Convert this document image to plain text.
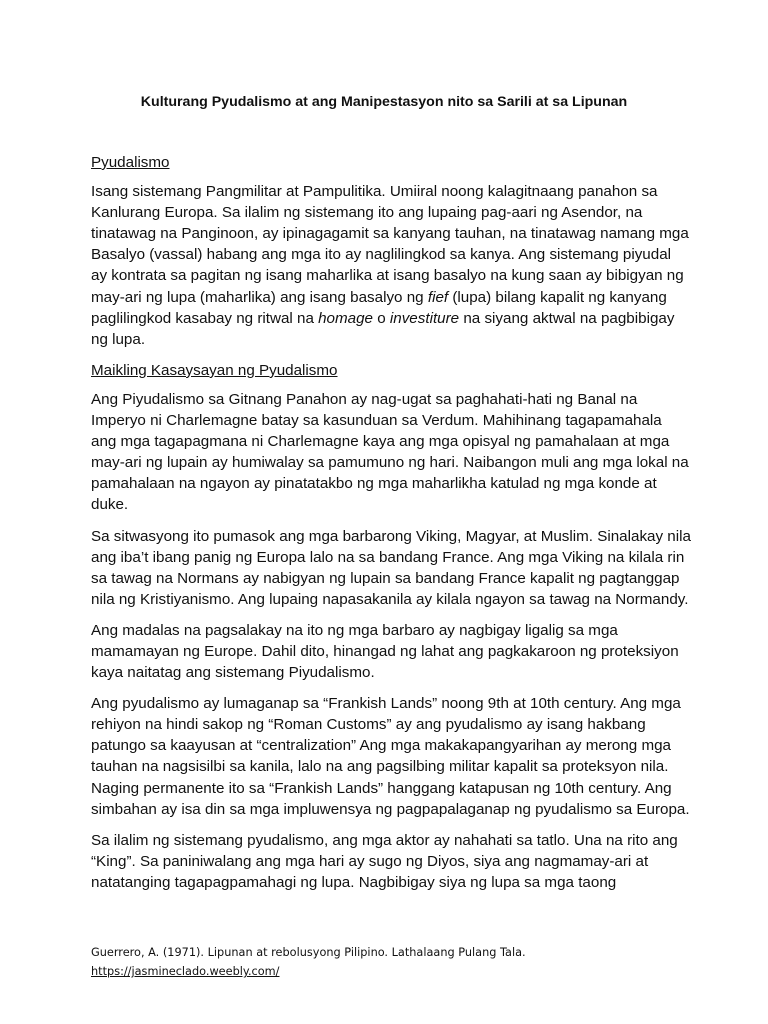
Kulturang Pyudalismo at ang Manipestasyon nito sa Sarili at sa Lipunan

Pyudalismo

Isang sistemang Pangmilitar at Pampulitika. Umiiral noong kalagitnaang panahon sa Kanlurang Europa. Sa ilalim ng sistemang ito ang lupaing pag-aari ng Asendor, na tinatawag na Panginoon, ay ipinagagamit sa kanyang tauhan, na tinatawag namang mga Basalyo (vassal) habang ang mga ito ay naglilingkod sa kanya. Ang sistemang piyudal ay kontrata sa pagitan ng isang maharlika at isang basalyo na kung saan ay bibigyan ng may-ari ng lupa (maharlika) ang isang basalyo ng fief (lupa) bilang kapalit ng kanyang paglilingkod kasabay ng ritwal na homage o investiture na siyang aktwal na pagbibigay ng lupa.

Maikling Kasaysayan ng Pyudalismo

Ang Piyudalismo sa Gitnang Panahon ay nag-ugat sa paghahati-hati ng Banal na Imperyo ni Charlemagne batay sa kasunduan sa Verdum. Mahihinang tagapamahala ang mga tagapagmana ni Charlemagne kaya ang mga opisyal ng pamahalaan at mga may-ari ng lupain ay humiwalay sa pamumuno ng hari. Naibangon muli ang mga lokal na pamahalaan na ngayon ay pinatatakbo ng mga maharlikha katulad ng mga konde at duke.

Sa sitwasyong ito pumasok ang mga barbarong Viking, Magyar, at Muslim. Sinalakay nila ang iba’t ibang panig ng Europa lalo na sa bandang France. Ang mga Viking na kilala rin sa tawag na Normans ay nabigyan ng lupain sa bandang France kapalit ng pagtanggap nila ng Kristiyanismo. Ang lupaing napasakanila ay kilala ngayon sa tawag na Normandy.

Ang madalas na pagsalakay na ito ng mga barbaro ay nagbigay ligalig sa mga mamamayan ng Europe. Dahil dito, hinangad ng lahat ang pagkakaroon ng proteksiyon kaya naitatag ang sistemang Piyudalismo.

Ang pyudalismo ay lumaganap sa “Frankish Lands” noong 9th at 10th century. Ang mga rehiyon na hindi sakop ng “Roman Customs” ay ang pyudalismo ay isang hakbang patungo sa kaayusan at “centralization” Ang mga makakapangyarihan ay merong mga tauhan na nagsisilbi sa kanila, lalo na ang pagsilbing militar kapalit sa proteksyon nila. Naging permanente ito sa “Frankish Lands” hanggang katapusan ng 10th century. Ang simbahan ay isa din sa mga impluwensya ng pagpapalaganap ng pyudalismo sa Europa.

Sa ilalim ng sistemang pyudalismo, ang mga aktor ay nahahati sa tatlo. Una na rito ang “King”. Sa paniniwalang ang mga hari ay sugo ng Diyos, siya ang nagmamay-ari at natatanging tagapagpamahagi ng lupa. Nagbibigay siya ng lupa sa mga taong

Guerrero, A. (1971). Lipunan at rebolusyong Pilipino. Lathalaang Pulang Tala.

https://jasmineclado.weebly.com/
